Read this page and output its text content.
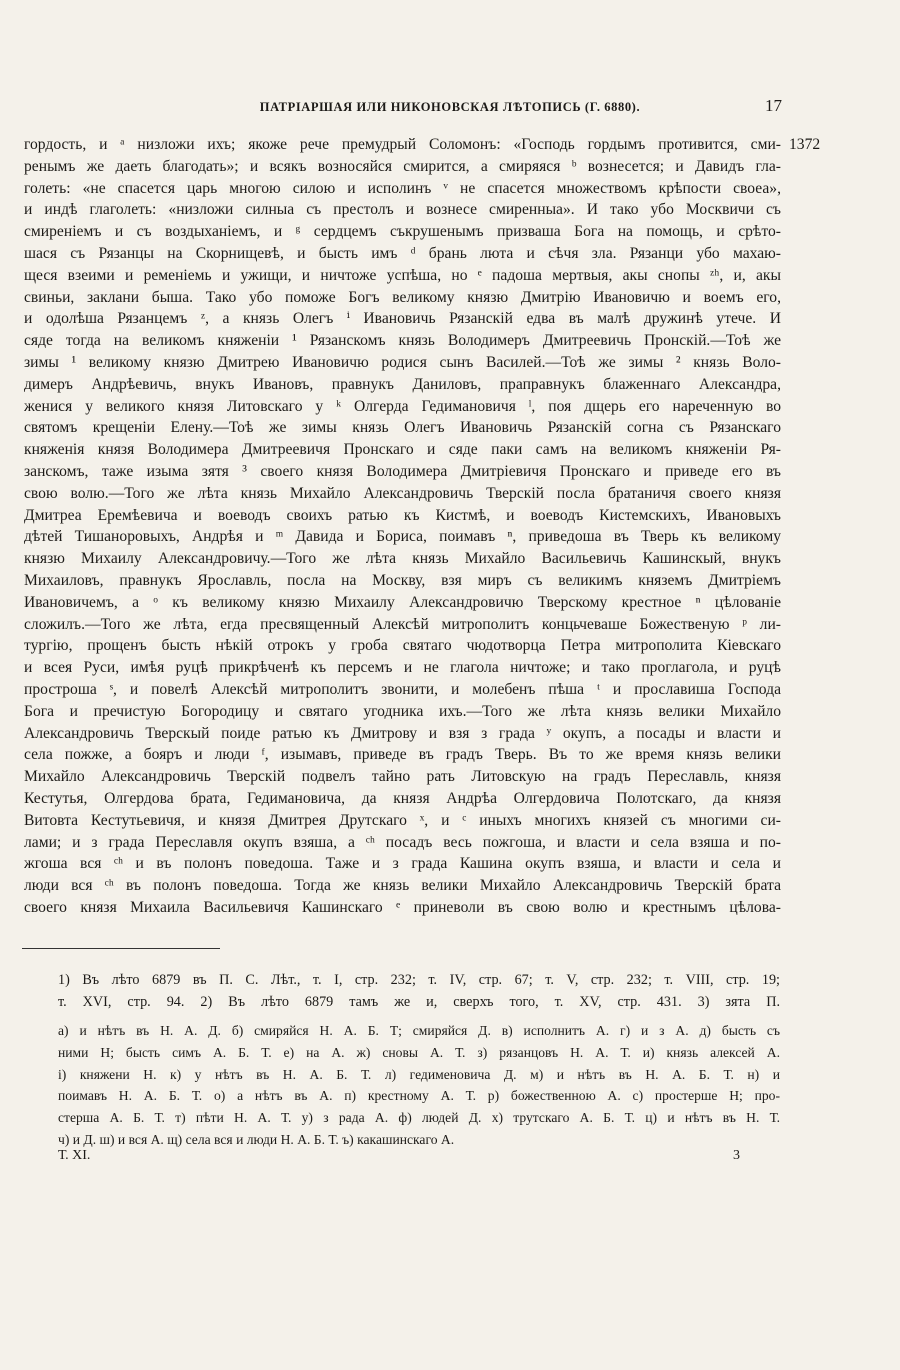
ПАТРІАРШАЯ ИЛИ НИКОНОВСКАЯ ЛѢТОПИСЬ (Г. 6880).	17
1372
гордость, и ᵃ низложи ихъ; якоже рече премудрый Соломонъ: «Господь гордымъ противится, сми-
ренымъ же даеть благодать»; и всякъ возносяйся смирится, а смиряяся ᵇ вознесется; и Давидъ гла-
голеть: «не спасется царь многою силою и исполинъ ᵛ не спасется множествомъ крѣпости своеа»,
и индѣ глаголеть: «низложи силныа съ престолъ и вознесе смиренныа». И тако убо Москвичи съ
смиреніемъ и съ воздыханіемъ, и ᵍ сердцемъ съкрушенымъ призваша Бога на помощь, и срѣто-
шася съ Рязанцы на Скорнищевѣ, и бысть имъ ᵈ брань люта и сѣчя зла. Рязанци убо махаю-
щеся взеими и ременіемь и ужищи, и ничтоже успѣша, но ᵉ падоша мертвыя, акы снопы ᶻʰ, и, акы
свиньи, заклани быша. Тако убо поможе Богъ великому князю Дмитрію Ивановичю и воемъ его,
и одолѣша Рязанцемъ ᶻ, а князь Олегъ ⁱ Ивановичь Рязанскій едва въ малѣ дружинѣ утече. И
сяде тогда на великомъ княженіи ¹ Рязанскомъ князь Володимеръ Дмитреевичь Пронскій.—Тоѣ же
зимы ¹ великому князю Дмитрею Ивановичю родися сынъ Василей.—Тоѣ же зимы ² князь Воло-
димеръ Андрѣевичь, внукъ Ивановъ, правнукъ Даниловъ, праправнукъ блаженнаго Александра,
женися у великого князя Литовскаго у ᵏ Олгерда Гедимановичя ˡ, поя дщерь его нареченную во
святомъ крещеніи Елену.—Тоѣ же зимы князь Олегъ Ивановичь Рязанскій согна съ Рязанскаго
княженія князя Володимера Дмитреевичя Пронскаго и сяде паки самъ на великомъ княженіи Ря-
занскомъ, таже изыма зятя ³ своего князя Володимера Дмитріевичя Пронскаго и приведе его въ
свою волю.—Того же лѣта князь Михайло Александровичь Тверскій посла братаничя своего князя
Дмитреа Еремѣевича и воеводъ своихъ ратью къ Кистмѣ, и воеводъ Кистемскихъ, Ивановыхъ
дѣтей Тишаноровыхъ, Андрѣя и ᵐ Давида и Бориса, поимавъ ⁿ, приведоша въ Тверь къ великому
князю Михаилу Александровичу.—Того же лѣта князь Михайло Васильевичь Кашинскый, внукъ
Михаиловъ, правнукъ Ярославль, посла на Москву, взя миръ съ великимъ княземъ Дмитріемъ
Ивановичемъ, а ᵒ къ великому князю Михаилу Александровичю Тверскому крестное ⁿ цѣлованіе
сложилъ.—Того же лѣта, егда пресвященный Алексѣй митрополитъ концьчеваше Божественую ᵖ ли-
тургію, прощенъ бысть нѣкій отрокъ у гроба святаго чюдотворца Петра митрополита Кіевскаго
и всея Руси, имѣя руцѣ прикрѣченѣ къ персемъ и не глагола ничтоже; и тако проглагола, и руцѣ
простроша ˢ, и повелѣ Алексѣй митрополитъ звонити, и молебенъ пѣша ᵗ и прославиша Господа
Бога и пречистую Богородицу и святаго угодника ихъ.—Того же лѣта князь велики Михайло
Александровичь Тверскый поиде ратью къ Дмитрову и взя з града ʸ окупъ, а посады и власти и
села пожже, а бояръ и люди ᶠ, изымавъ, приведе въ градъ Тверь. Въ то же время князь велики
Михайло Александровичь Тверскій подвелъ тайно рать Литовскую на градъ Переславль, князя
Кестутья, Олгердова брата, Гедимановича, да князя Андрѣа Олгердовича Полотскаго, да князя
Витовта Кестутьевичя, и князя Дмитрея Друтскаго ˣ, и ᶜ иныхъ многихъ князей съ многими си-
лами; и з града Переславля окупъ взяша, а ᶜʰ посадъ весь пожгоша, и власти и села взяша и по-
жгоша вся ᶜʰ и въ полонъ поведоша. Таже и з града Кашина окупъ взяша, и власти и села и
люди вся ᶜʰ въ полонъ поведоша. Тогда же князь велики Михайло Александровичь Тверскій брата
своего князя Михаила Васильевичя Кашинскаго ᵉ приневоли въ свою волю и крестнымъ цѣлова-
1) Въ лѣто 6879 въ П. С. Лѣт., т. I, стр. 232; т. IV, стр. 67; т. V, стр. 232; т. VIII, стр. 19;
т. XVI, стр. 94. 2) Въ лѣто 6879 тамъ же и, сверхъ того, т. XV, стр. 431. 3) зята П.
а) и нѣтъ въ Н. А. Д. б) смиряйся Н. А. Б. Т; смиряйся Д. в) исполнитъ А. г) и з А. д) бысть съ
ними Н; бысть симъ А. Б. Т. е) на А. ж) сновы А. Т. з) рязанцовъ Н. А. Т. и) князь алексей А.
і) княжени Н. к) у нѣтъ въ Н. А. Б. Т. л) гедименовича Д. м) и нѣтъ въ Н. А. Б. Т. н) и
поимавъ Н. А. Б. Т. о) а нѣтъ въ А. п) крестному А. Т. р) божественною А. с) простерше Н; про-
стерша А. Б. Т. т) пѣти Н. А. Т. у) з рада А. ф) людей Д. х) трутскаго А. Б. Т. ц) и нѣтъ въ Н. Т.
ч) и Д. ш) и вся А. щ) села вся и люди Н. А. Б. Т. ъ) какашинскаго А.
Т. XI.	3
